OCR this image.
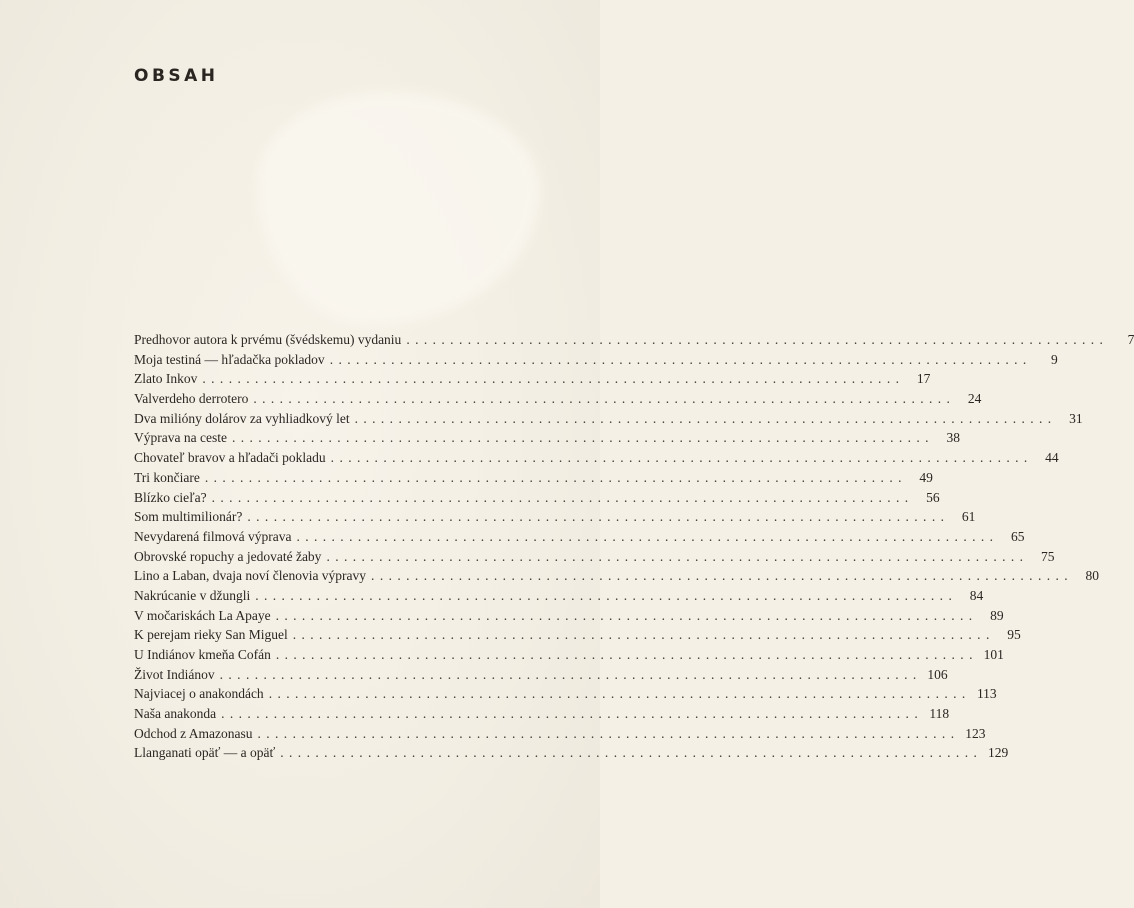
OBSAH
Predhovor autora k prvému (švédskemu) vydaniu ................................................................................	7
Moja testiná — hľadačka pokladov ................................................................................	9
Zlato Inkov ................................................................................ 17
Valverdeho derrotero ................................................................................ 24
Dva milióny dolárov za vyhliadkový let ................................................................................ 31
Výprava na ceste ................................................................................ 38
Chovateľ bravov a hľadači pokladu ................................................................................ 44
Tri končiare ................................................................................ 49
Blízko cieľa? ................................................................................ 56
Som multimilionár? ................................................................................ 61
Nevydarená filmová výprava ................................................................................ 65
Obrovské ropuchy a jedovaté žaby ................................................................................ 75
Lino a Laban, dvaja noví členovia výpravy ................................................................................ 80
Nakrúcanie v džungli ................................................................................ 84
V močariskách La Apaye ................................................................................ 89
K perejam rieky San Miguel ................................................................................ 95
U Indiánov kmeňa Cofán ................................................................................ 101
Život Indiánov ................................................................................ 106
Najviacej o anakondách ................................................................................ 113
Naša anakonda ................................................................................ 118
Odchod z Amazonasu ................................................................................ 123
Llanganati opäť — a opäť ................................................................................ 129
